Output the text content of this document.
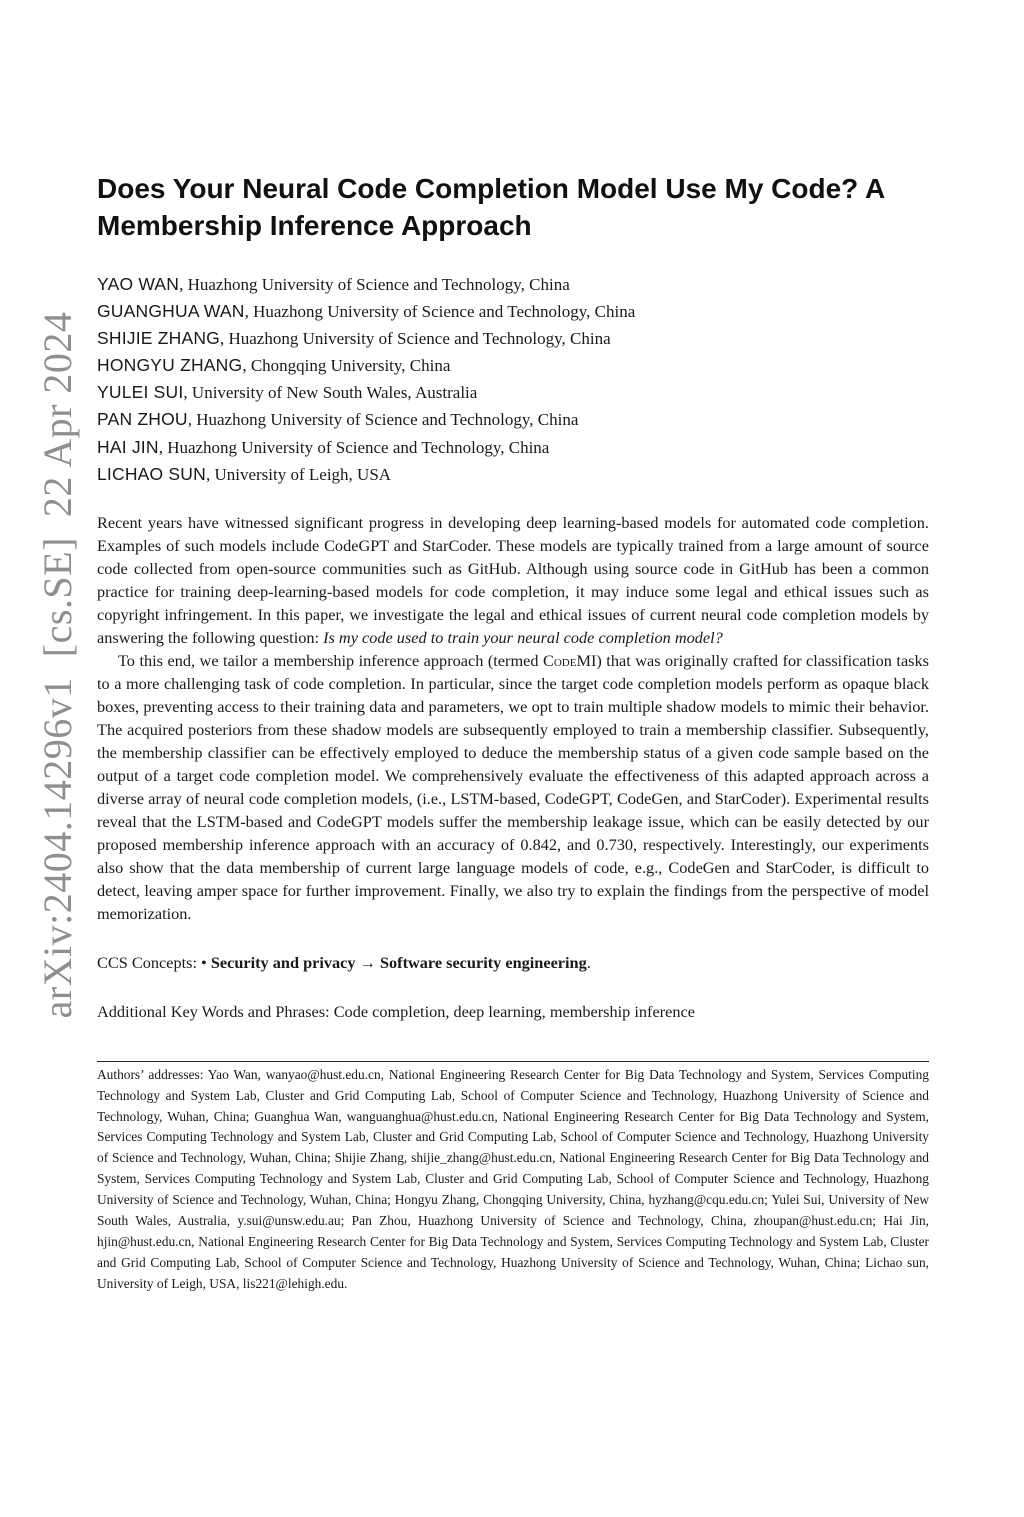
arXiv:2404.14296v1[cs.SE]22 Apr 2024
Does Your Neural Code Completion Model Use My Code? A Membership Inference Approach
YAO WAN, Huazhong University of Science and Technology, China
GUANGHUA WAN, Huazhong University of Science and Technology, China
SHIJIE ZHANG, Huazhong University of Science and Technology, China
HONGYU ZHANG, Chongqing University, China
YULEI SUI, University of New South Wales, Australia
PAN ZHOU, Huazhong University of Science and Technology, China
HAI JIN, Huazhong University of Science and Technology, China
LICHAO SUN, University of Leigh, USA

Recent years have witnessed significant progress in developing deep learning-based models for automated code completion. Examples of such models include CodeGPT and StarCoder. These models are typically trained from a large amount of source code collected from open-source communities such as GitHub. Although using source code in GitHub has been a common practice for training deep-learning-based models for code completion, it may induce some legal and ethical issues such as copyright infringement. In this paper, we investigate the legal and ethical issues of current neural code completion models by answering the following question: Is my code used to train your neural code completion model?

To this end, we tailor a membership inference approach (termed CodeMI) that was originally crafted for classification tasks to a more challenging task of code completion. In particular, since the target code completion models perform as opaque black boxes, preventing access to their training data and parameters, we opt to train multiple shadow models to mimic their behavior. The acquired posteriors from these shadow models are subsequently employed to train a membership classifier. Subsequently, the membership classifier can be effectively employed to deduce the membership status of a given code sample based on the output of a target code completion model. We comprehensively evaluate the effectiveness of this adapted approach across a diverse array of neural code completion models, (i.e., LSTM-based, CodeGPT, CodeGen, and StarCoder). Experimental results reveal that the LSTM-based and CodeGPT models suffer the membership leakage issue, which can be easily detected by our proposed membership inference approach with an accuracy of 0.842, and 0.730, respectively. Interestingly, our experiments also show that the data membership of current large language models of code, e.g., CodeGen and StarCoder, is difficult to detect, leaving amper space for further improvement. Finally, we also try to explain the findings from the perspective of model memorization.

CCS Concepts: • Security and privacy → Software security engineering.

Additional Key Words and Phrases: Code completion, deep learning, membership inference

Authors’ addresses: Yao Wan, wanyao@hust.edu.cn, National Engineering Research Center for Big Data Technology and System, Services Computing Technology and System Lab, Cluster and Grid Computing Lab, School of Computer Science and Technology, Huazhong University of Science and Technology, Wuhan, China; Guanghua Wan, wanguanghua@hust.edu.cn, National Engineering Research Center for Big Data Technology and System, Services Computing Technology and System Lab, Cluster and Grid Computing Lab, School of Computer Science and Technology, Huazhong University of Science and Technology, Wuhan, China; Shijie Zhang, shijie_zhang@hust.edu.cn, National Engineering Research Center for Big Data Technology and System, Services Computing Technology and System Lab, Cluster and Grid Computing Lab, School of Computer Science and Technology, Huazhong University of Science and Technology, Wuhan, China; Hongyu Zhang, Chongqing University, China, hyzhang@cqu.edu.cn; Yulei Sui, University of New South Wales, Australia, y.sui@unsw.edu.au; Pan Zhou, Huazhong University of Science and Technology, China, zhoupan@hust.edu.cn; Hai Jin, hjin@hust.edu.cn, National Engineering Research Center for Big Data Technology and System, Services Computing Technology and System Lab, Cluster and Grid Computing Lab, School of Computer Science and Technology, Huazhong University of Science and Technology, Wuhan, China; Lichao sun, University of Leigh, USA, lis221@lehigh.edu.
